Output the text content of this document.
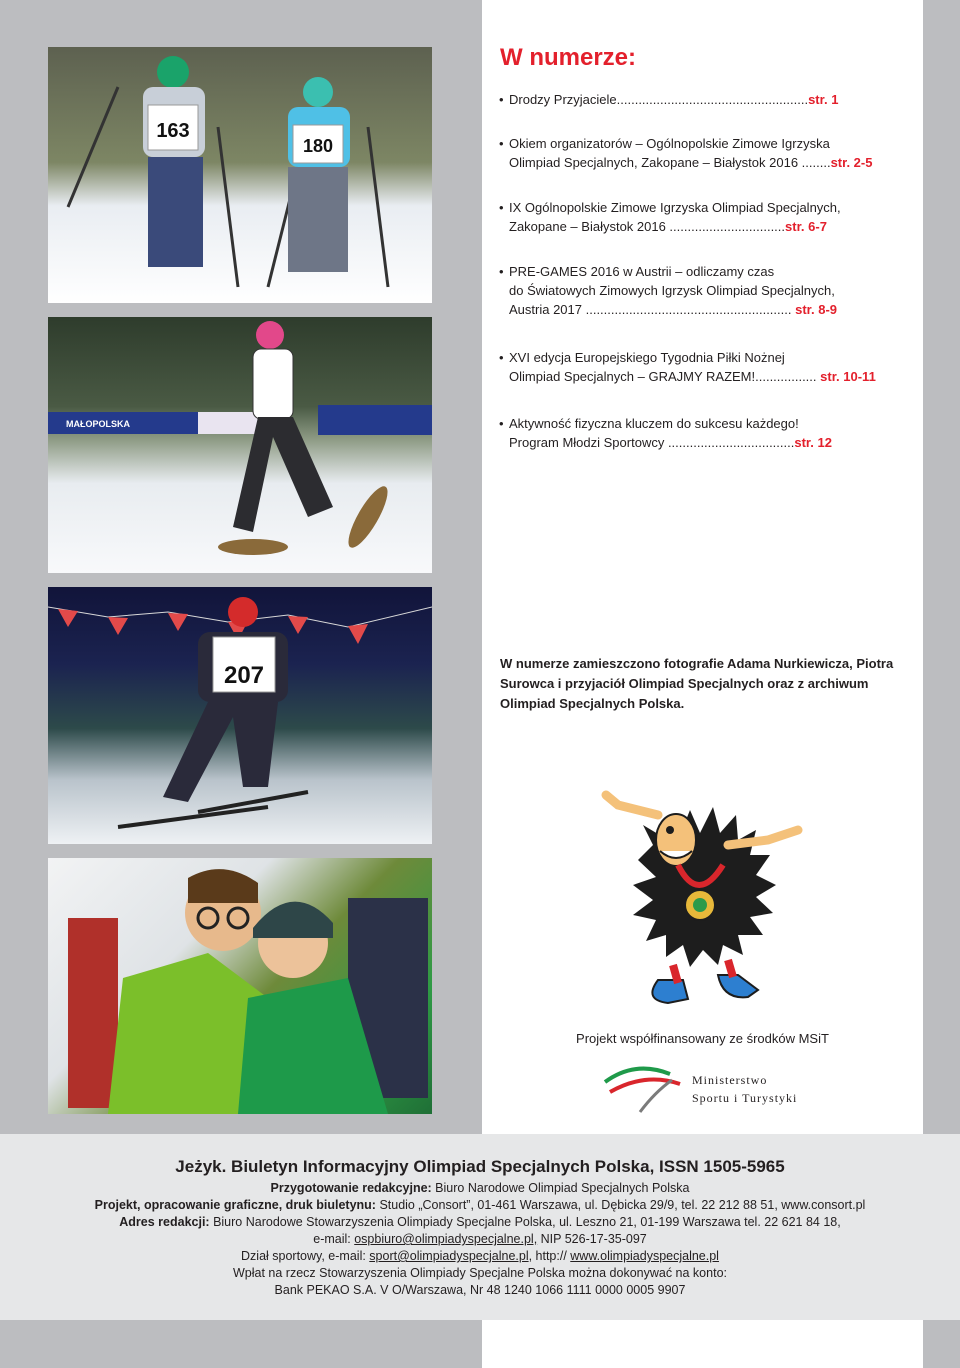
163
180
MAŁOPOLSKA
207
W numerze:
• Drodzy Przyjaciele.....................................................str. 1
• Okiem organizatorów – Ogólnopolskie Zimowe Igrzyska
Olimpiad Specjalnych, Zakopane – Białystok 2016 ........str. 2-5
• IX Ogólnopolskie Zimowe Igrzyska Olimpiad Specjalnych,
Zakopane – Białystok 2016 ................................str. 6-7
• PRE-GAMES 2016 w Austrii – odliczamy czas
do Światowych Zimowych Igrzysk Olimpiad Specjalnych,
Austria 2017 ......................................................... str. 8-9
• XVI edycja Europejskiego Tygodnia Piłki Nożnej
Olimpiad Specjalnych – GRAJMY RAZEM!................. str. 10-11
• Aktywność fizyczna kluczem do sukcesu każdego!
Program Młodzi Sportowcy ...................................str. 12
W numerze zamieszczono fotografie Adama Nurkiewicza, Piotra Surowca i przyjaciół Olimpiad Specjalnych oraz z archiwum Olimpiad Specjalnych Polska.
Projekt współfinansowany ze środków MSiT
Ministerstwo
Sportu i Turystyki
Jeżyk. Biuletyn Informacyjny Olimpiad Specjalnych Polska, ISSN 1505-5965
Przygotowanie redakcyjne: Biuro Narodowe Olimpiad Specjalnych Polska
Projekt, opracowanie graficzne, druk biuletynu: Studio „Consort”, 01-461 Warszawa, ul. Dębicka 29/9, tel. 22 212 88 51, www.consort.pl
Adres redakcji: Biuro Narodowe Stowarzyszenia Olimpiady Specjalne Polska, ul. Leszno 21, 01-199 Warszawa tel. 22 621 84 18,
e-mail: ospbiuro@olimpiadyspecjalne.pl, NIP 526-17-35-097
Dział sportowy, e-mail: sport@olimpiadyspecjalne.pl, http:// www.olimpiadyspecjalne.pl
Wpłat na rzecz Stowarzyszenia Olimpiady Specjalne Polska można dokonywać na konto:
Bank PEKAO S.A. V O/Warszawa, Nr 48 1240 1066 1111 0000 0005 9907
